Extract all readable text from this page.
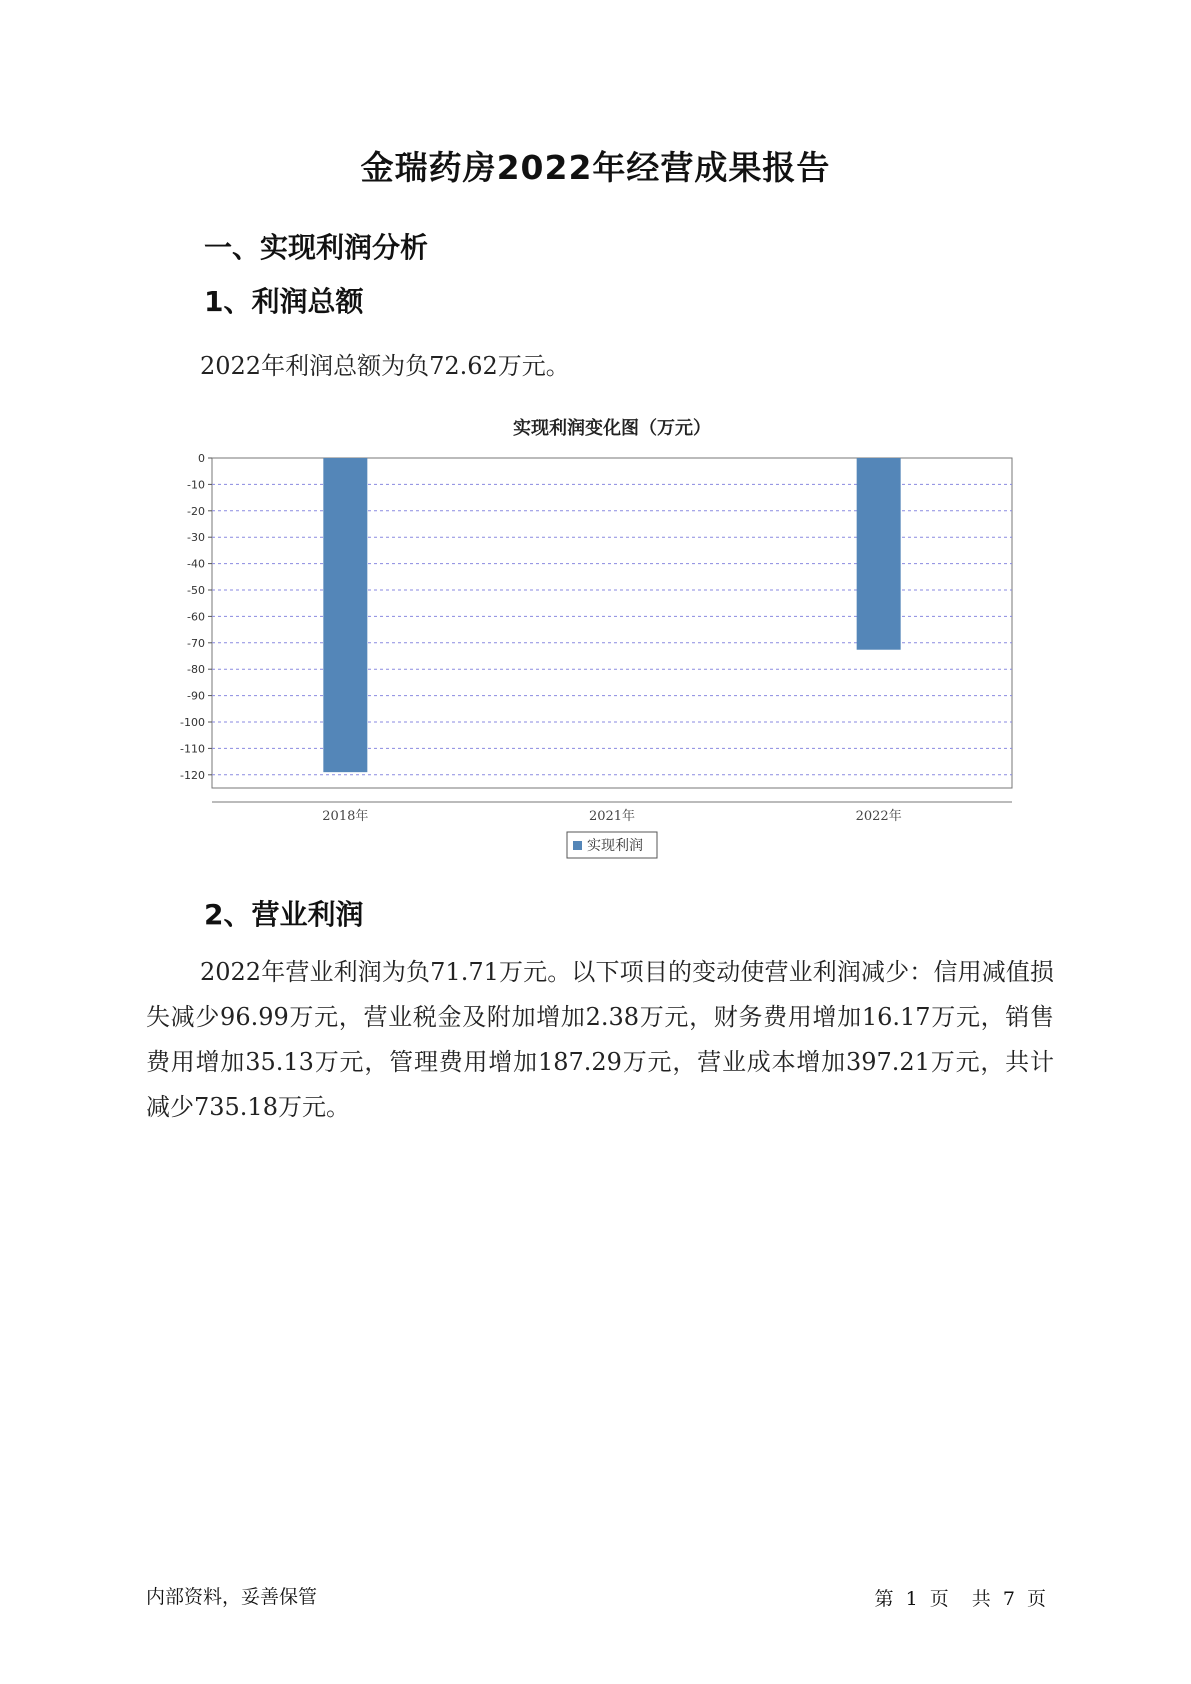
金瑞药房2022年经营成果报告
一、实现利润分析
1、利润总额
2022年利润总额为负72.62万元。
实现利润变化图（万元）
0
-10
-20
-30
-40
-50
-60
-70
-80
-90
-100
-110
-120
2018年	2021年	2022年
实现利润
2、营业利润
2022年营业利润为负71.71万元。以下项目的变动使营业利润减少：信用减值损失减少96.99万元，营业税金及附加增加2.38万元，财务费用增加16.17万元，销售费用增加35.13万元，管理费用增加187.29万元，营业成本增加397.21万元，共计减少735.18万元。
内部资料，妥善保管	第 1 页 共 7 页
